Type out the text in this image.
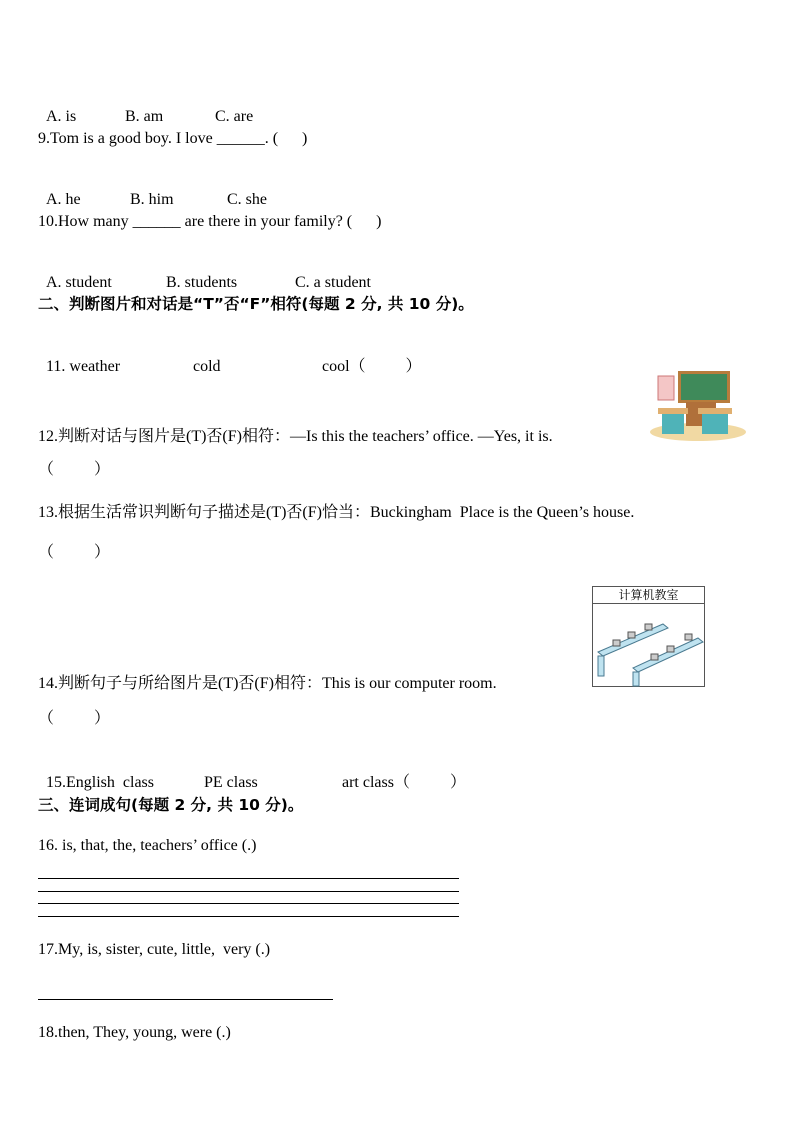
A. is	B. am	C. are

9.Tom is a good boy. I love ______. (      )

A. he	B. him	C. she

10.How many ______ are there in your family? (      )

A. student	B. students	C. a student

二、判断图片和对话是“T”否“F”相符(每题 2 分, 共 10 分)。

11. weather	cold	cool（          ）

12.判断对话与图片是(T)否(F)相符：—Is this the teachers’ office. —Yes, it is.
（          ）
13.根据生活常识判断句子描述是(T)否(F)恰当：Buckingham  Place is the Queen’s house.
（          ）
计算机教室
14.判断句子与所给图片是(T)否(F)相符：This is our computer room.
（          ）

15.English  class	PE class	art class（          ）

三、连词成句(每题 2 分, 共 10 分)。
16. is, that, the, teachers’ office (.)
17.My, is, sister, cute, little,  very (.)
18.then, They, young, were (.)
